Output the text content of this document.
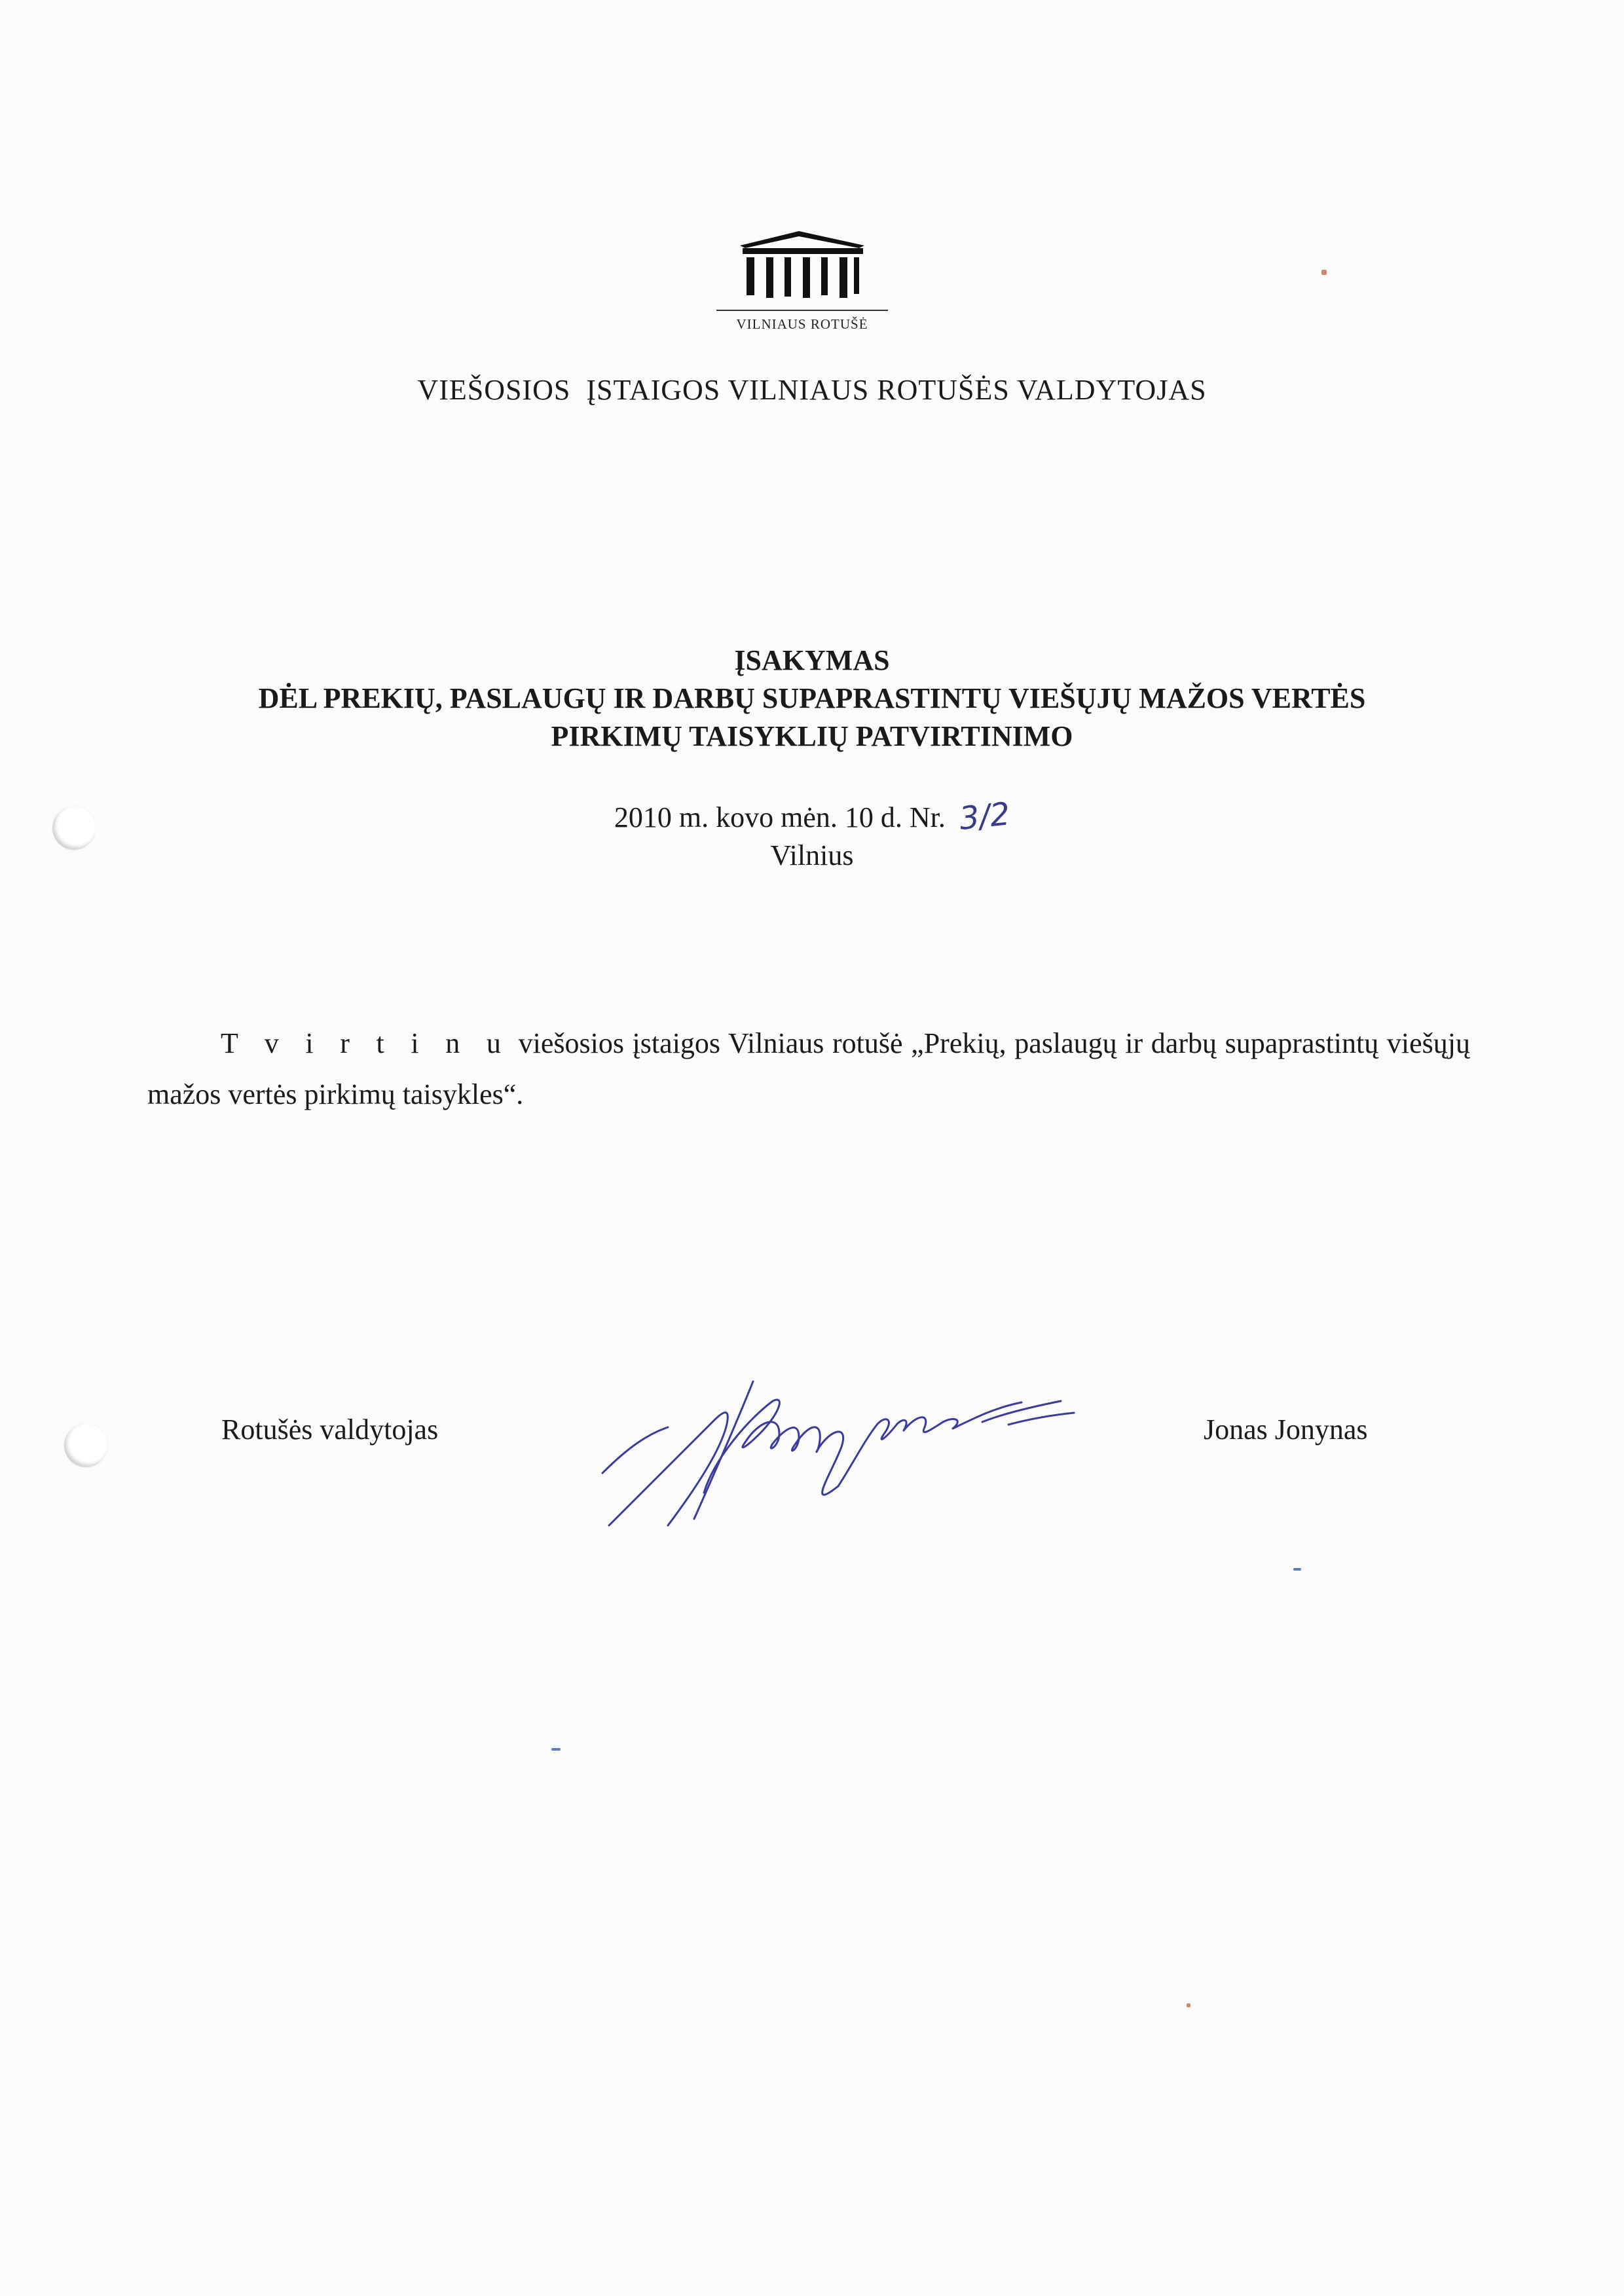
VILNIAUS ROTUŠĖ
VIEŠOSIOS  ĮSTAIGOS VILNIAUS ROTUŠĖS VALDYTOJAS
ĮSAKYMAS
DĖL PREKIŲ, PASLAUGŲ IR DARBŲ SUPAPRASTINTŲ VIEŠŲJŲ MAŽOS VERTĖS
PIRKIMŲ TAISYKLIŲ PATVIRTINIMO
2010 m. kovo mėn. 10 d. Nr. 3/2
Vilnius
T v i r t i n u viešosios įstaigos Vilniaus rotušė „Prekių, paslaugų ir darbų supaprastintų viešųjų mažos vertės pirkimų taisykles“.
Rotušės valdytojas	Jonas Jonynas
